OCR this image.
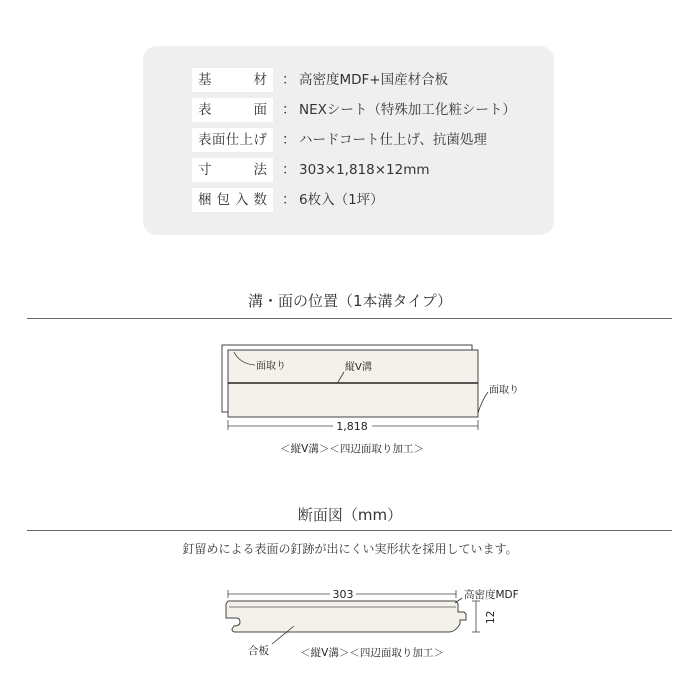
基材	： 高密度MDF+国産材合板
表面	： NEXシート（特殊加工化粧シート）
表面仕上げ	： ハードコート仕上げ、抗菌処理
寸法	： 303×1,818×12mm
梱包入数	： 6枚入（1坪）
溝・面の位置（1本溝タイプ）
面取り	縦V溝
面取り
1,818
＜縦V溝＞＜四辺面取り加工＞
断面図（mm）
釘留めによる表面の釘跡が出にくい実形状を採用しています。
303	高密度MDF
12
合板	＜縦V溝＞＜四辺面取り加工＞
